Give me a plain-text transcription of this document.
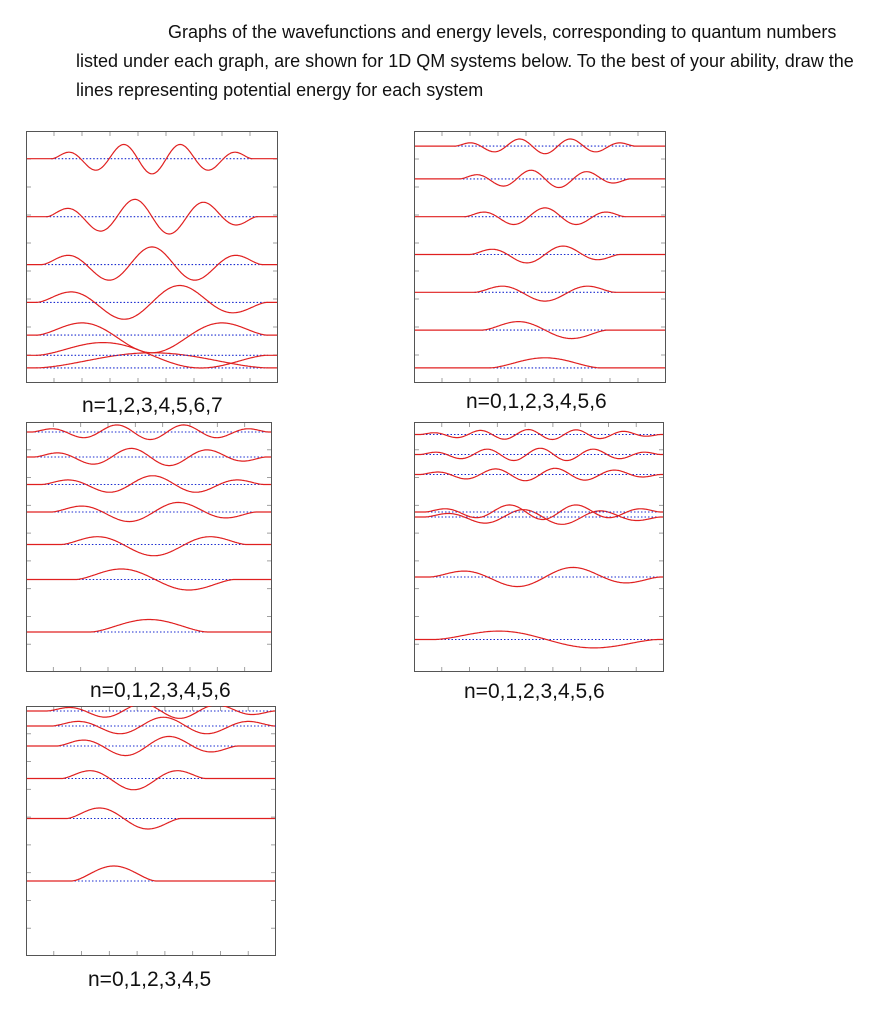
Graphs of the wavefunctions and energy levels, corresponding to quantum numbers listed under each graph, are shown for 1D QM systems below. To the best of your ability, draw the lines representing potential energy for each system

n=1,2,3,4,5,6,7	n=0,1,2,3,4,5,6
n=0,1,2,3,4,5,6	n=0,1,2,3,4,5,6
n=0,1,2,3,4,5
